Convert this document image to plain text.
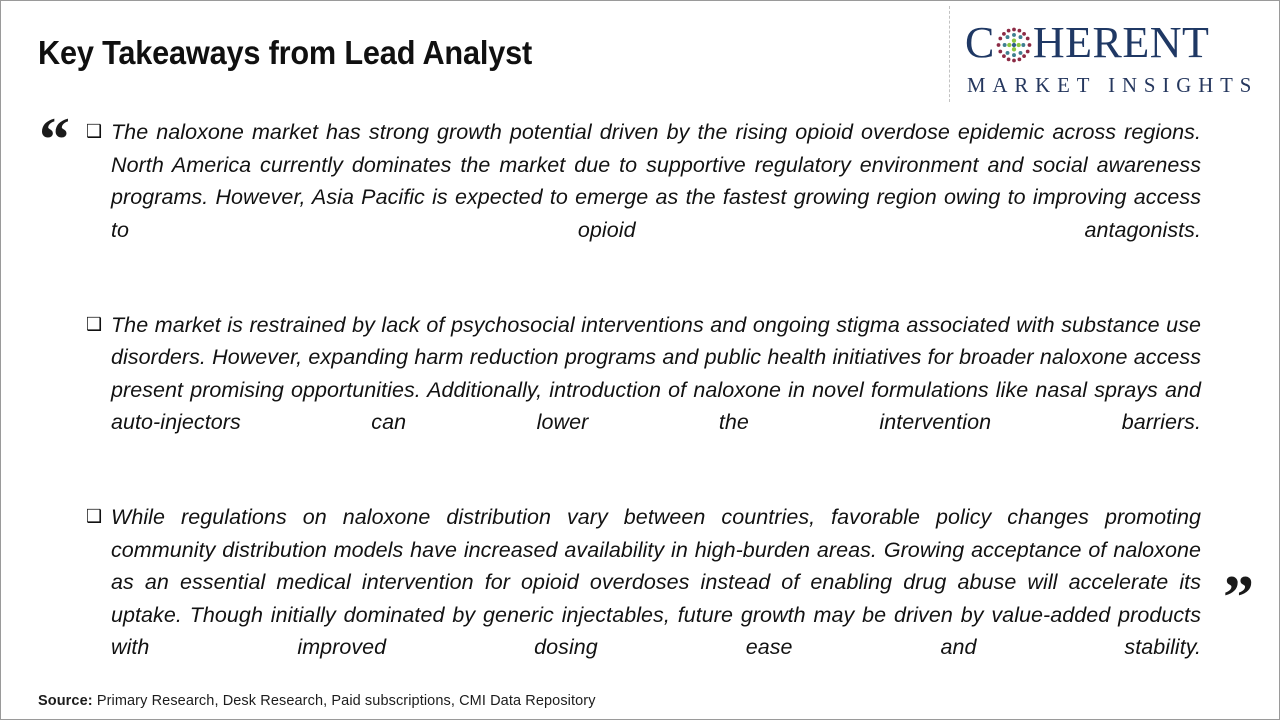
Key Takeaways from Lead Analyst	C HERENT
MARKET INSIGHTS
“ ❑ The naloxone market has strong growth potential driven by the rising opioid overdose epidemic across regions. North America currently dominates the market due to supportive regulatory environment and social awareness programs. However, Asia Pacific is expected to emerge as the fastest growing region owing to improving access to opioid antagonists.
❑ The market is restrained by lack of psychosocial interventions and ongoing stigma associated with substance use disorders. However, expanding harm reduction programs and public health initiatives for broader naloxone access present promising opportunities. Additionally, introduction of naloxone in novel formulations like nasal sprays and auto-injectors can lower the intervention barriers.
❑ While regulations on naloxone distribution vary between countries, favorable policy changes promoting community distribution models have increased availability in high-burden areas. Growing acceptance of naloxone as an essential medical intervention for opioid overdoses instead of enabling drug abuse will accelerate its uptake. Though initially dominated by generic injectables, future growth may be driven by value-added products with improved dosing ease and stability.
”
Source: Primary Research, Desk Research, Paid subscriptions, CMI Data Repository
